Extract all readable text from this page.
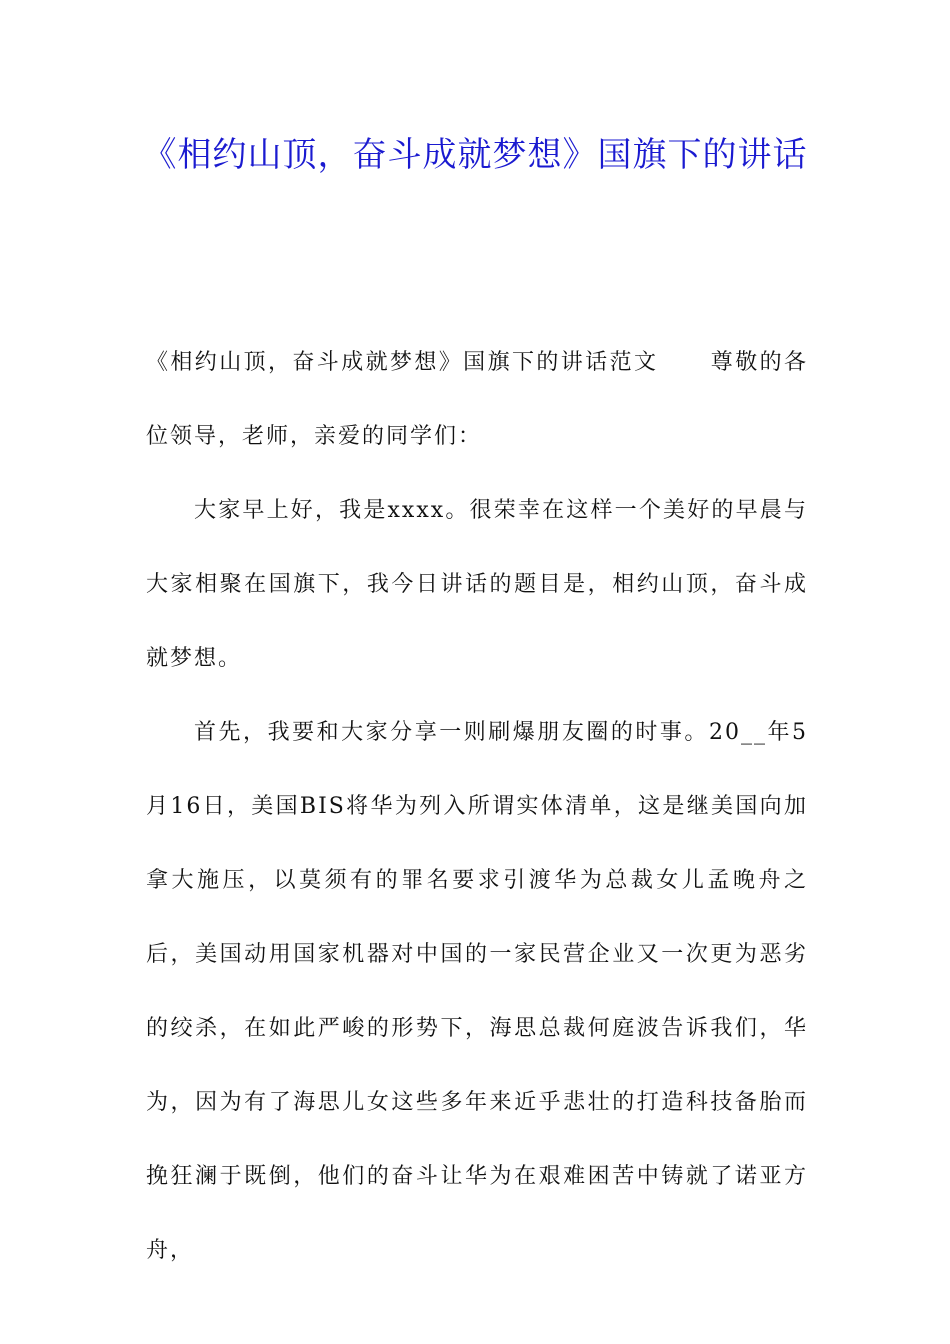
《相约山顶，奋斗成就梦想》国旗下的讲话

《相约山顶，奋斗成就梦想》国旗下的讲话范文 尊敬的各位领导，老师，亲爱的同学们：

大家早上好，我是xxxx。很荣幸在这样一个美好的早晨与大家相聚在国旗下，我今日讲话的题目是，相约山顶，奋斗成就梦想。

首先，我要和大家分享一则刷爆朋友圈的时事。20__年5月16日，美国BIS将华为列入所谓实体清单，这是继美国向加拿大施压，以莫须有的罪名要求引渡华为总裁女儿孟晚舟之后，美国动用国家机器对中国的一家民营企业又一次更为恶劣的绞杀，在如此严峻的形势下，海思总裁何庭波告诉我们，华为，因为有了海思儿女这些多年来近乎悲壮的打造科技备胎而挽狂澜于既倒，他们的奋斗让华为在艰难困苦中铸就了诺亚方舟，
